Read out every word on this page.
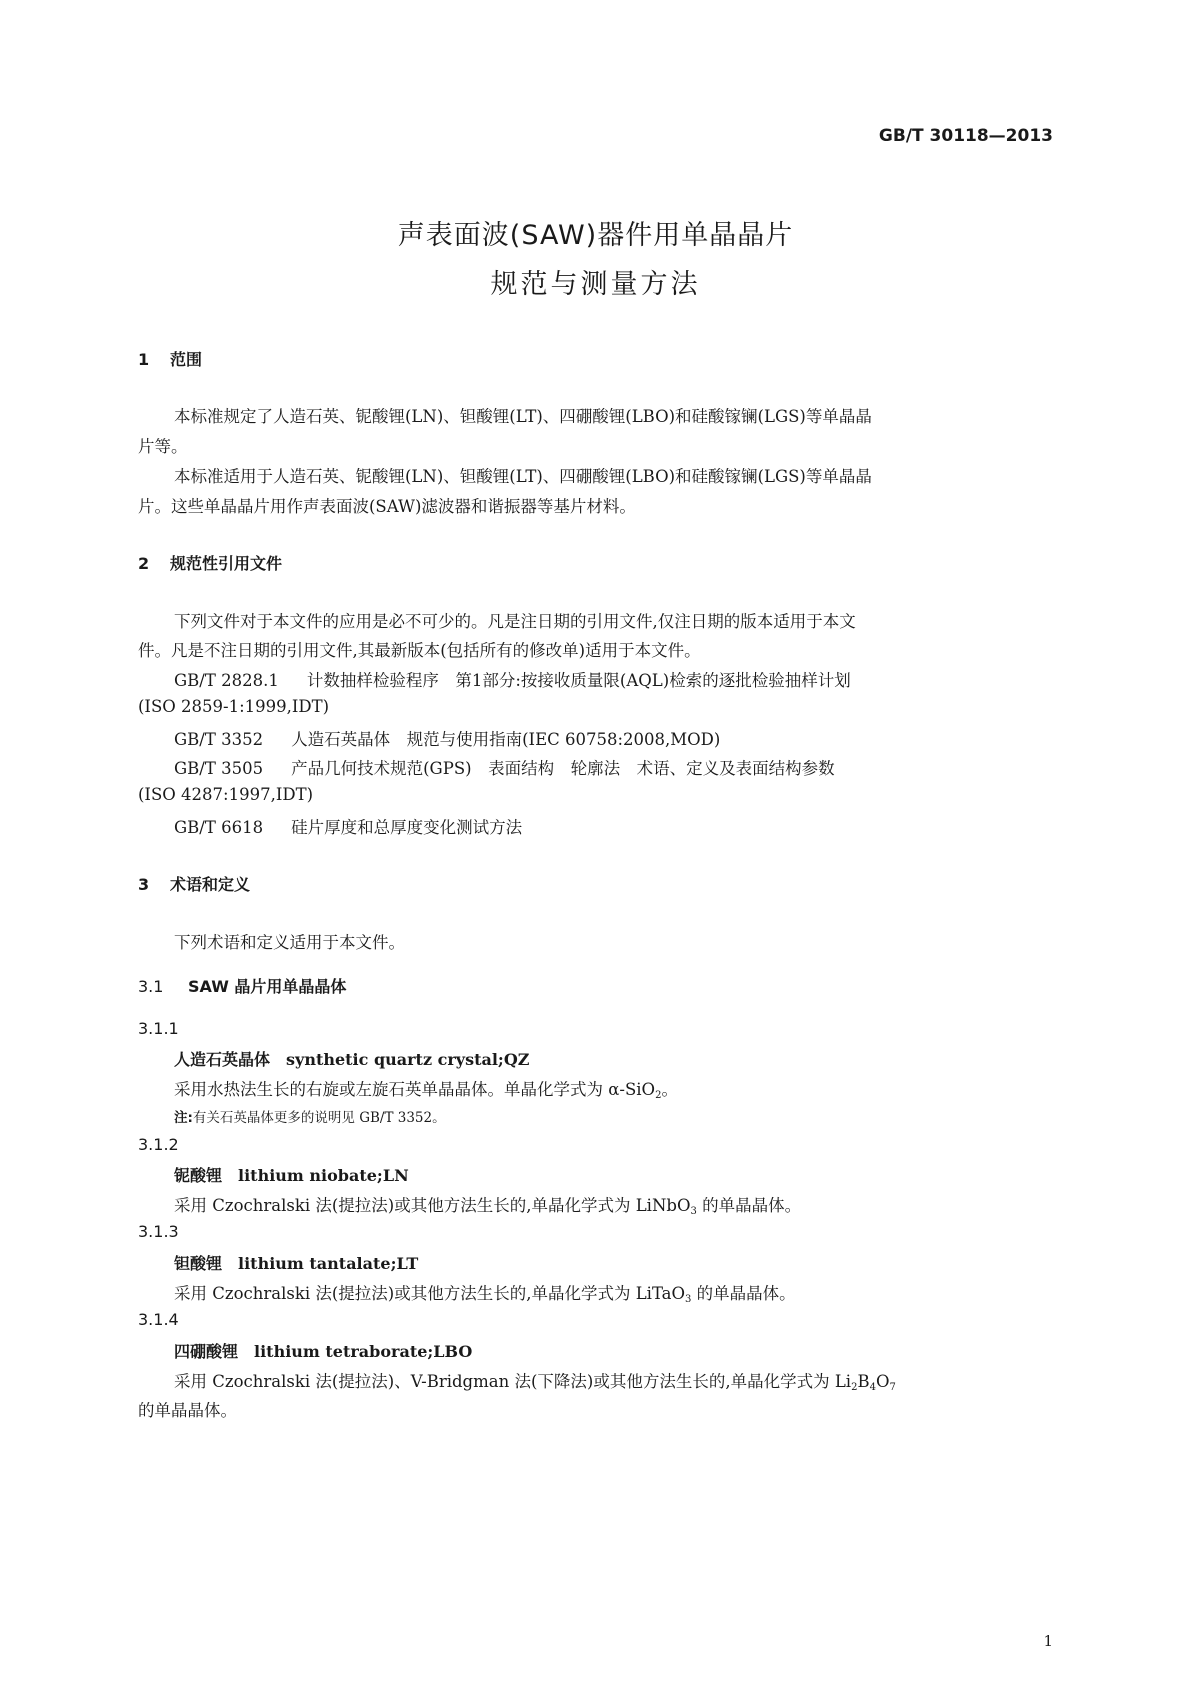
GB/T 30118—2013
声表面波(SAW)器件用单晶晶片
规范与测量方法
1 范围
本标准规定了人造石英、铌酸锂(LN)、钽酸锂(LT)、四硼酸锂(LBO)和硅酸镓镧(LGS)等单晶晶
片等。
本标准适用于人造石英、铌酸锂(LN)、钽酸锂(LT)、四硼酸锂(LBO)和硅酸镓镧(LGS)等单晶晶
片。这些单晶晶片用作声表面波(SAW)滤波器和谐振器等基片材料。
2 规范性引用文件
下列文件对于本文件的应用是必不可少的。凡是注日期的引用文件,仅注日期的版本适用于本文
件。凡是不注日期的引用文件,其最新版本(包括所有的修改单)适用于本文件。
GB/T 2828.1 计数抽样检验程序　第1部分:按接收质量限(AQL)检索的逐批检验抽样计划
(ISO 2859-1:1999,IDT)
GB/T 3352 人造石英晶体　规范与使用指南(IEC 60758:2008,MOD)
GB/T 3505 产品几何技术规范(GPS)　表面结构　轮廓法　术语、定义及表面结构参数
(ISO 4287:1997,IDT)
GB/T 6618 硅片厚度和总厚度变化测试方法
3 术语和定义
下列术语和定义适用于本文件。
3.1 SAW 晶片用单晶晶体
3.1.1
人造石英晶体 synthetic quartz crystal;QZ
采用水热法生长的右旋或左旋石英单晶晶体。单晶化学式为 α-SiO$_2$。
注:有关石英晶体更多的说明见 GB/T 3352。
3.1.2
铌酸锂 lithium niobate;LN
采用 Czochralski 法(提拉法)或其他方法生长的,单晶化学式为 LiNbO$_3$ 的单晶晶体。
3.1.3
钽酸锂 lithium tantalate;LT
采用 Czochralski 法(提拉法)或其他方法生长的,单晶化学式为 LiTaO$_3$ 的单晶晶体。
3.1.4
四硼酸锂 lithium tetraborate;LBO
采用 Czochralski 法(提拉法)、V-Bridgman 法(下降法)或其他方法生长的,单晶化学式为 $Li_2B_4O_7$
的单晶晶体。
1
